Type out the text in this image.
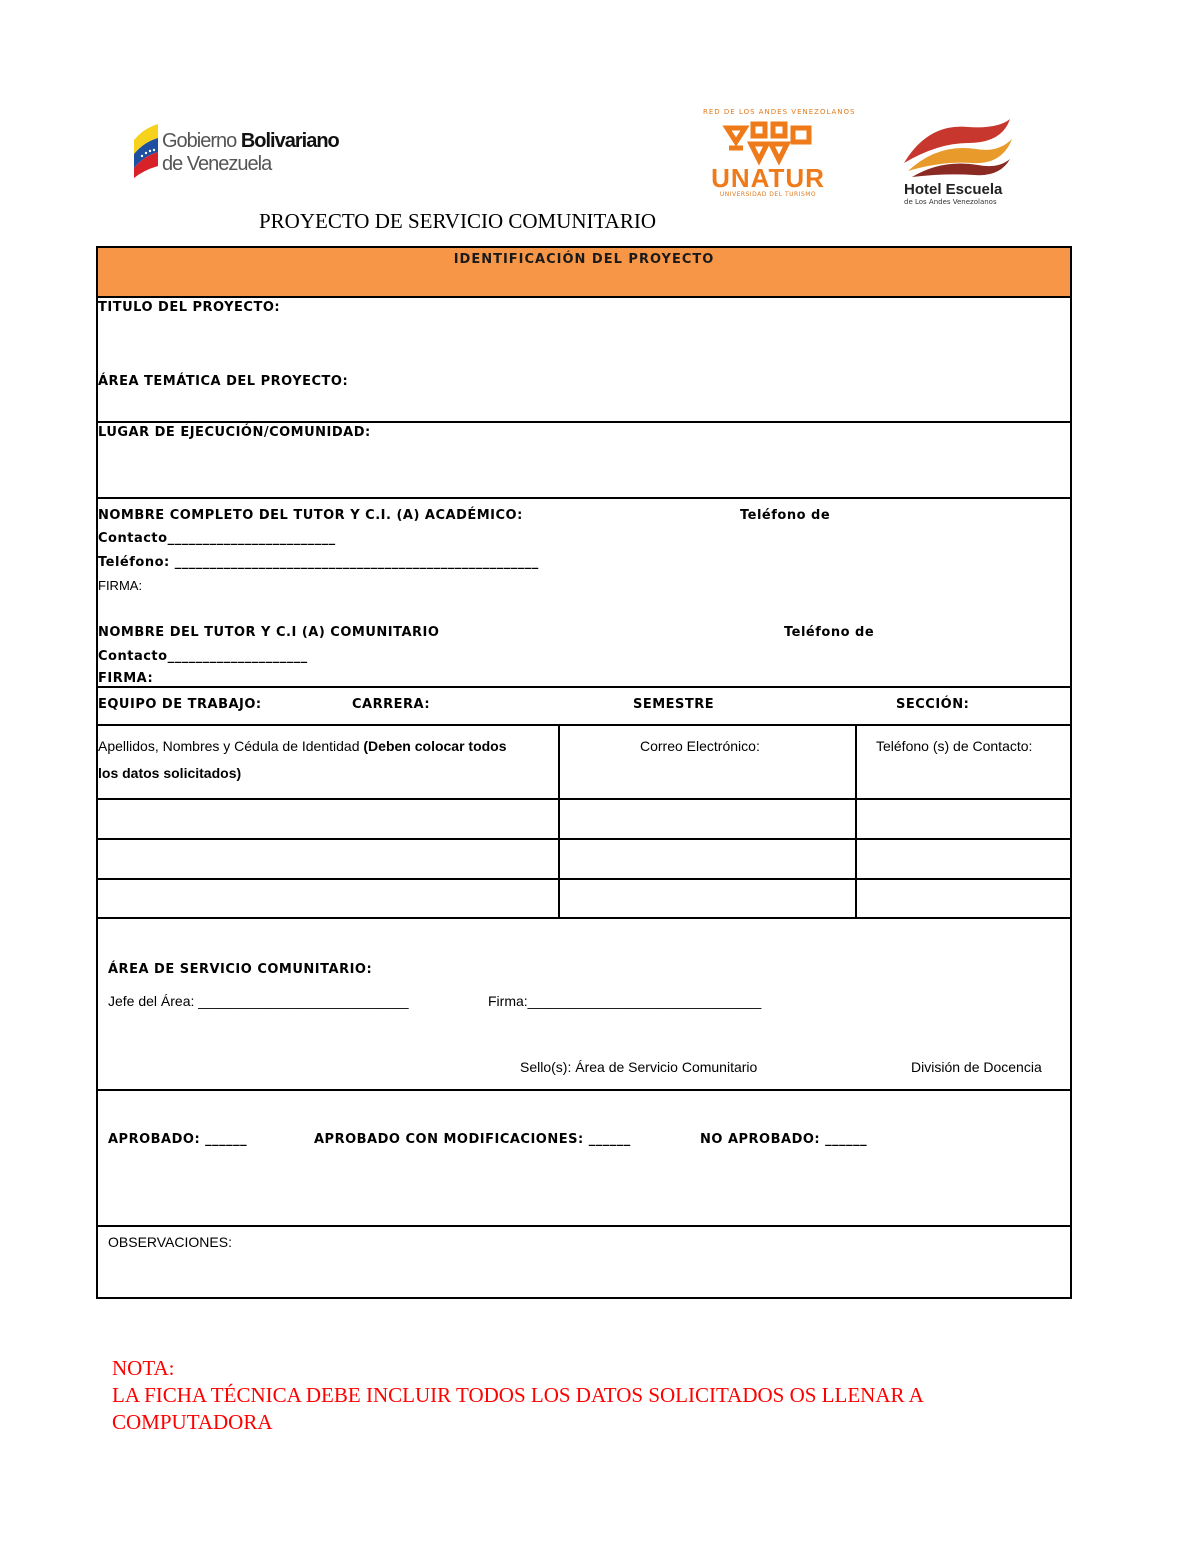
Gobierno Bolivariano
de Venezuela
RED DE LOS ANDES VENEZOLANOS
UNATUR
UNIVERSIDAD DEL TURISMO	Hotel Escuela
de Los Andes Venezolanos
PROYECTO DE SERVICIO COMUNITARIO
IDENTIFICACIÓN DEL PROYECTO
TITULO DEL PROYECTO:
ÁREA TEMÁTICA DEL PROYECTO:
LUGAR DE EJECUCIÓN/COMUNIDAD:
NOMBRE COMPLETO DEL TUTOR Y C.I. (A) ACADÉMICO:	Teléfono de
Contacto________________________
Teléfono: ____________________________________________________
FIRMA:
NOMBRE DEL TUTOR Y C.I (A) COMUNITARIO	Teléfono de
Contacto____________________
FIRMA:
EQUIPO DE TRABAJO:	CARRERA:	SEMESTRE	SECCIÓN:
Apellidos, Nombres y Cédula de Identidad (Deben colocar todos
los datos solicitados)
Correo Electrónico:	Teléfono (s) de Contacto:
ÁREA DE SERVICIO COMUNITARIO:
Jefe del Área: ___________________________	Firma:______________________________
Sello(s): Área de Servicio Comunitario	División de Docencia
APROBADO: ______	APROBADO CON MODIFICACIONES: ______	NO APROBADO: ______
OBSERVACIONES:
NOTA:
LA FICHA TÉCNICA DEBE INCLUIR TODOS LOS DATOS SOLICITADOS OS LLENAR A
COMPUTADORA
